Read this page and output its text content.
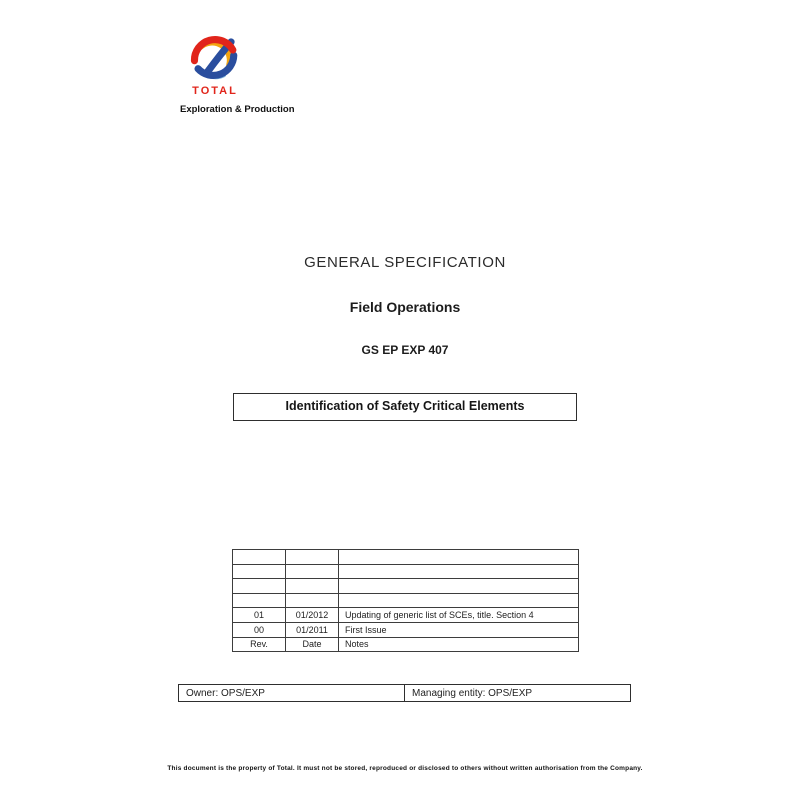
TOTAL
Exploration & Production
GENERAL SPECIFICATION
Field Operations
GS EP EXP 407
Identification of Safety Critical Elements

01	01/2012	Updating of generic list of SCEs, title. Section 4
00	01/2011	First Issue
Rev.	Date	Notes
Owner: OPS/EXP	Managing entity: OPS/EXP
This document is the property of Total. It must not be stored, reproduced or disclosed to others without written authorisation from the Company.
